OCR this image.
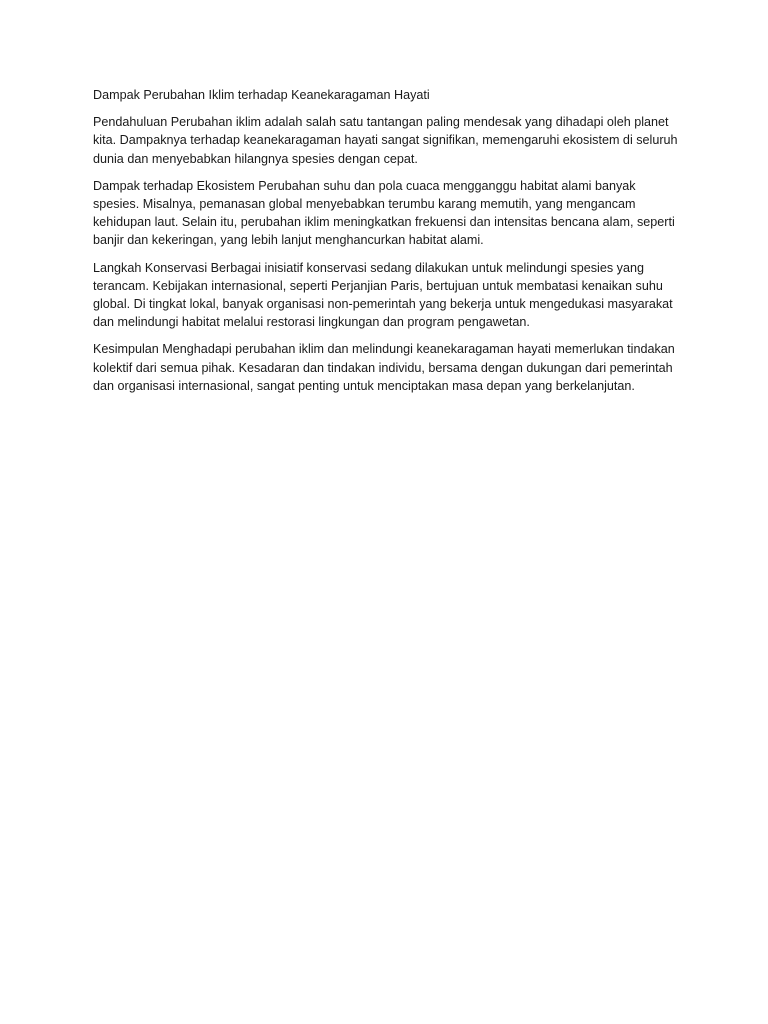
Dampak Perubahan Iklim terhadap Keanekaragaman Hayati

Pendahuluan Perubahan iklim adalah salah satu tantangan paling mendesak yang dihadapi oleh planet kita. Dampaknya terhadap keanekaragaman hayati sangat signifikan, memengaruhi ekosistem di seluruh dunia dan menyebabkan hilangnya spesies dengan cepat.

Dampak terhadap Ekosistem Perubahan suhu dan pola cuaca mengganggu habitat alami banyak spesies. Misalnya, pemanasan global menyebabkan terumbu karang memutih, yang mengancam kehidupan laut. Selain itu, perubahan iklim meningkatkan frekuensi dan intensitas bencana alam, seperti banjir dan kekeringan, yang lebih lanjut menghancurkan habitat alami.

Langkah Konservasi Berbagai inisiatif konservasi sedang dilakukan untuk melindungi spesies yang terancam. Kebijakan internasional, seperti Perjanjian Paris, bertujuan untuk membatasi kenaikan suhu global. Di tingkat lokal, banyak organisasi non-pemerintah yang bekerja untuk mengedukasi masyarakat dan melindungi habitat melalui restorasi lingkungan dan program pengawetan.

Kesimpulan Menghadapi perubahan iklim dan melindungi keanekaragaman hayati memerlukan tindakan kolektif dari semua pihak. Kesadaran dan tindakan individu, bersama dengan dukungan dari pemerintah dan organisasi internasional, sangat penting untuk menciptakan masa depan yang berkelanjutan.
